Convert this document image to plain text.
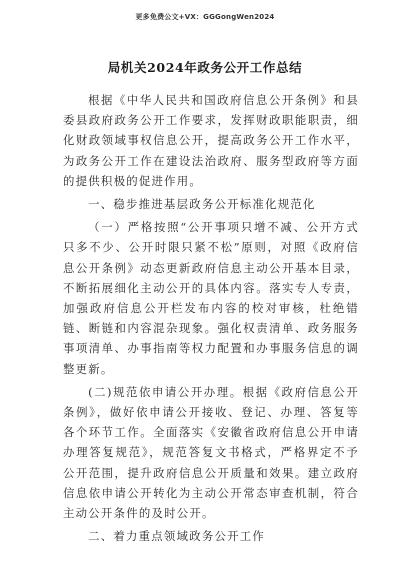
更多免费公文+VX：GGGongWen2024
局机关2024年政务公开工作总结

根据《中华人民共和国政府信息公开条例》和县委县政府政务公开工作要求，发挥财政职能职责，细化财政领域事权信息公开，提高政务公开工作水平，为政务公开工作在建设法治政府、服务型政府等方面的提供积极的促进作用。

一、稳步推进基层政务公开标准化规范化

（一）严格按照“公开事项只增不减、公开方式只多不少、公开时限只紧不松”原则，对照《政府信息公开条例》动态更新政府信息主动公开基本目录，不断拓展细化主动公开的具体内容。落实专人专责，加强政府信息公开栏发布内容的校对审核，杜绝错链、断链和内容混杂现象。强化权责清单、政务服务事项清单、办事指南等权力配置和办事服务信息的调整更新。

(二)规范依申请公开办理。根据《政府信息公开条例》，做好依申请公开接收、登记、办理、答复等各个环节工作。全面落实《安徽省政府信息公开申请办理答复规范》，规范答复文书格式，严格界定不予公开范围，提升政府信息公开质量和效果。建立政府信息依申请公开转化为主动公开常态审查机制，符合主动公开条件的及时公开。

二、着力重点领域政务公开工作
